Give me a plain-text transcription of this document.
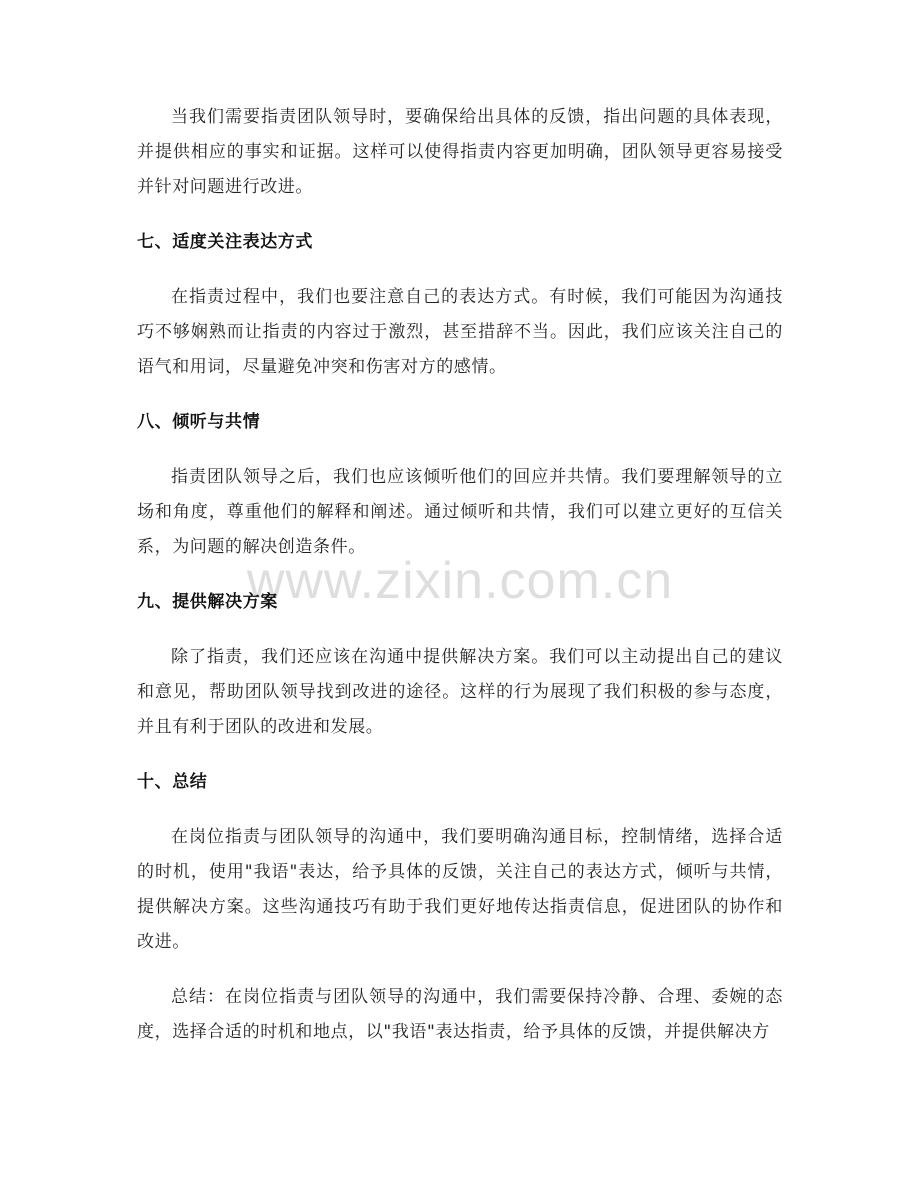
当我们需要指责团队领导时，要确保给出具体的反馈，指出问题的具体表现，并提供相应的事实和证据。这样可以使得指责内容更加明确，团队领导更容易接受并针对问题进行改进。

七、适度关注表达方式

在指责过程中，我们也要注意自己的表达方式。有时候，我们可能因为沟通技巧不够娴熟而让指责的内容过于激烈，甚至措辞不当。因此，我们应该关注自己的语气和用词，尽量避免冲突和伤害对方的感情。

八、倾听与共情

指责团队领导之后，我们也应该倾听他们的回应并共情。我们要理解领导的立场和角度，尊重他们的解释和阐述。通过倾听和共情，我们可以建立更好的互信关系，为问题的解决创造条件。

九、提供解决方案

除了指责，我们还应该在沟通中提供解决方案。我们可以主动提出自己的建议和意见，帮助团队领导找到改进的途径。这样的行为展现了我们积极的参与态度，并且有利于团队的改进和发展。

十、总结

在岗位指责与团队领导的沟通中，我们要明确沟通目标，控制情绪，选择合适的时机，使用"我语"表达，给予具体的反馈，关注自己的表达方式，倾听与共情，提供解决方案。这些沟通技巧有助于我们更好地传达指责信息，促进团队的协作和改进。

总结：在岗位指责与团队领导的沟通中，我们需要保持冷静、合理、委婉的态度，选择合适的时机和地点，以"我语"表达指责，给予具体的反馈，并提供解决方

www.zixin.com.cn
